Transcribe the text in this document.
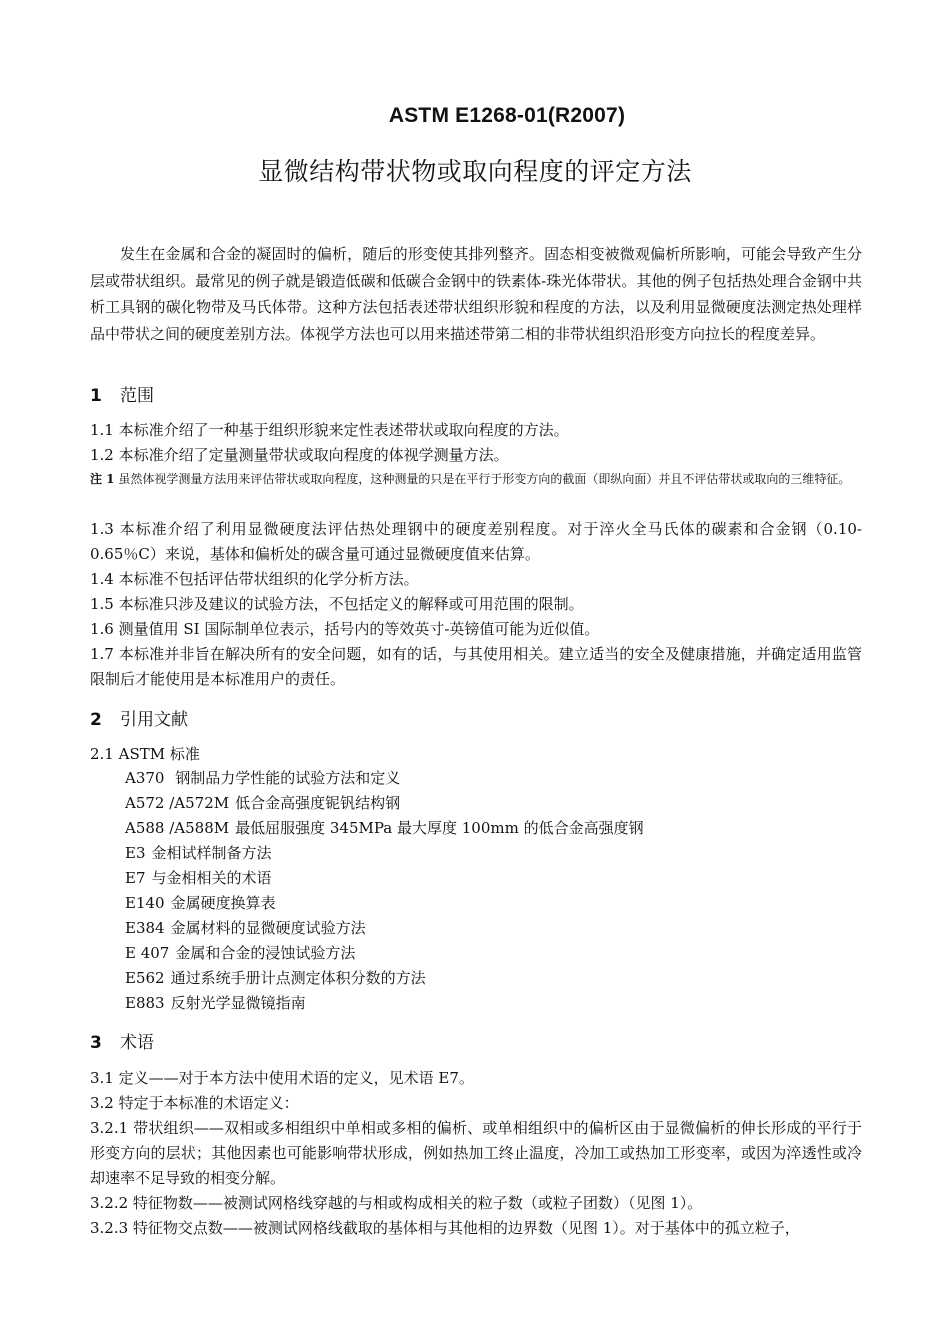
ASTM E1268-01(R2007)
显微结构带状物或取向程度的评定方法
发生在金属和合金的凝固时的偏析，随后的形变使其排列整齐。固态相变被微观偏析所影响，可能会导致产生分层或带状组织。最常见的例子就是锻造低碳和低碳合金钢中的铁素体-珠光体带状。其他的例子包括热处理合金钢中共析工具钢的碳化物带及马氏体带。这种方法包括表述带状组织形貌和程度的方法，以及利用显微硬度法测定热处理样品中带状之间的硬度差别方法。体视学方法也可以用来描述带第二相的非带状组织沿形变方向拉长的程度差异。
1 范围
1.1 本标准介绍了一种基于组织形貌来定性表述带状或取向程度的方法。
1.2 本标准介绍了定量测量带状或取向程度的体视学测量方法。
注 1 虽然体视学测量方法用来评估带状或取向程度，这种测量的只是在平行于形变方向的截面（即纵向面）并且不评估带状或取向的三维特征。
1.3 本标准介绍了利用显微硬度法评估热处理钢中的硬度差别程度。对于淬火全马氏体的碳素和合金钢（0.10-0.65％C）来说，基体和偏析处的碳含量可通过显微硬度值来估算。
1.4 本标准不包括评估带状组织的化学分析方法。
1.5 本标准只涉及建议的试验方法，不包括定义的解释或可用范围的限制。
1.6 测量值用 SI 国际制单位表示，括号内的等效英寸-英镑值可能为近似值。
1.7 本标准并非旨在解决所有的安全问题，如有的话，与其使用相关。建立适当的安全及健康措施，并确定适用监管限制后才能使用是本标准用户的责任。
2 引用文献
2.1 ASTM 标准
A370 钢制品力学性能的试验方法和定义
A572 /A572M 低合金高强度铌钒结构钢
A588 /A588M 最低屈服强度 345MPa 最大厚度 100mm 的低合金高强度钢
E3 金相试样制备方法
E7 与金相相关的术语
E140 金属硬度换算表
E384 金属材料的显微硬度试验方法
E 407 金属和合金的浸蚀试验方法
E562 通过系统手册计点测定体积分数的方法
E883 反射光学显微镜指南
3 术语
3.1 定义——对于本方法中使用术语的定义，见术语 E7。
3.2 特定于本标准的术语定义：
3.2.1 带状组织——双相或多相组织中单相或多相的偏析、或单相组织中的偏析区由于显微偏析的伸长形成的平行于形变方向的层状；其他因素也可能影响带状形成，例如热加工终止温度，冷加工或热加工形变率，或因为淬透性或冷却速率不足导致的相变分解。
3.2.2 特征物数——被测试网格线穿越的与相或构成相关的粒子数（或粒子团数）（见图 1）。
3.2.3 特征物交点数——被测试网格线截取的基体相与其他相的边界数（见图 1）。对于基体中的孤立粒子，
